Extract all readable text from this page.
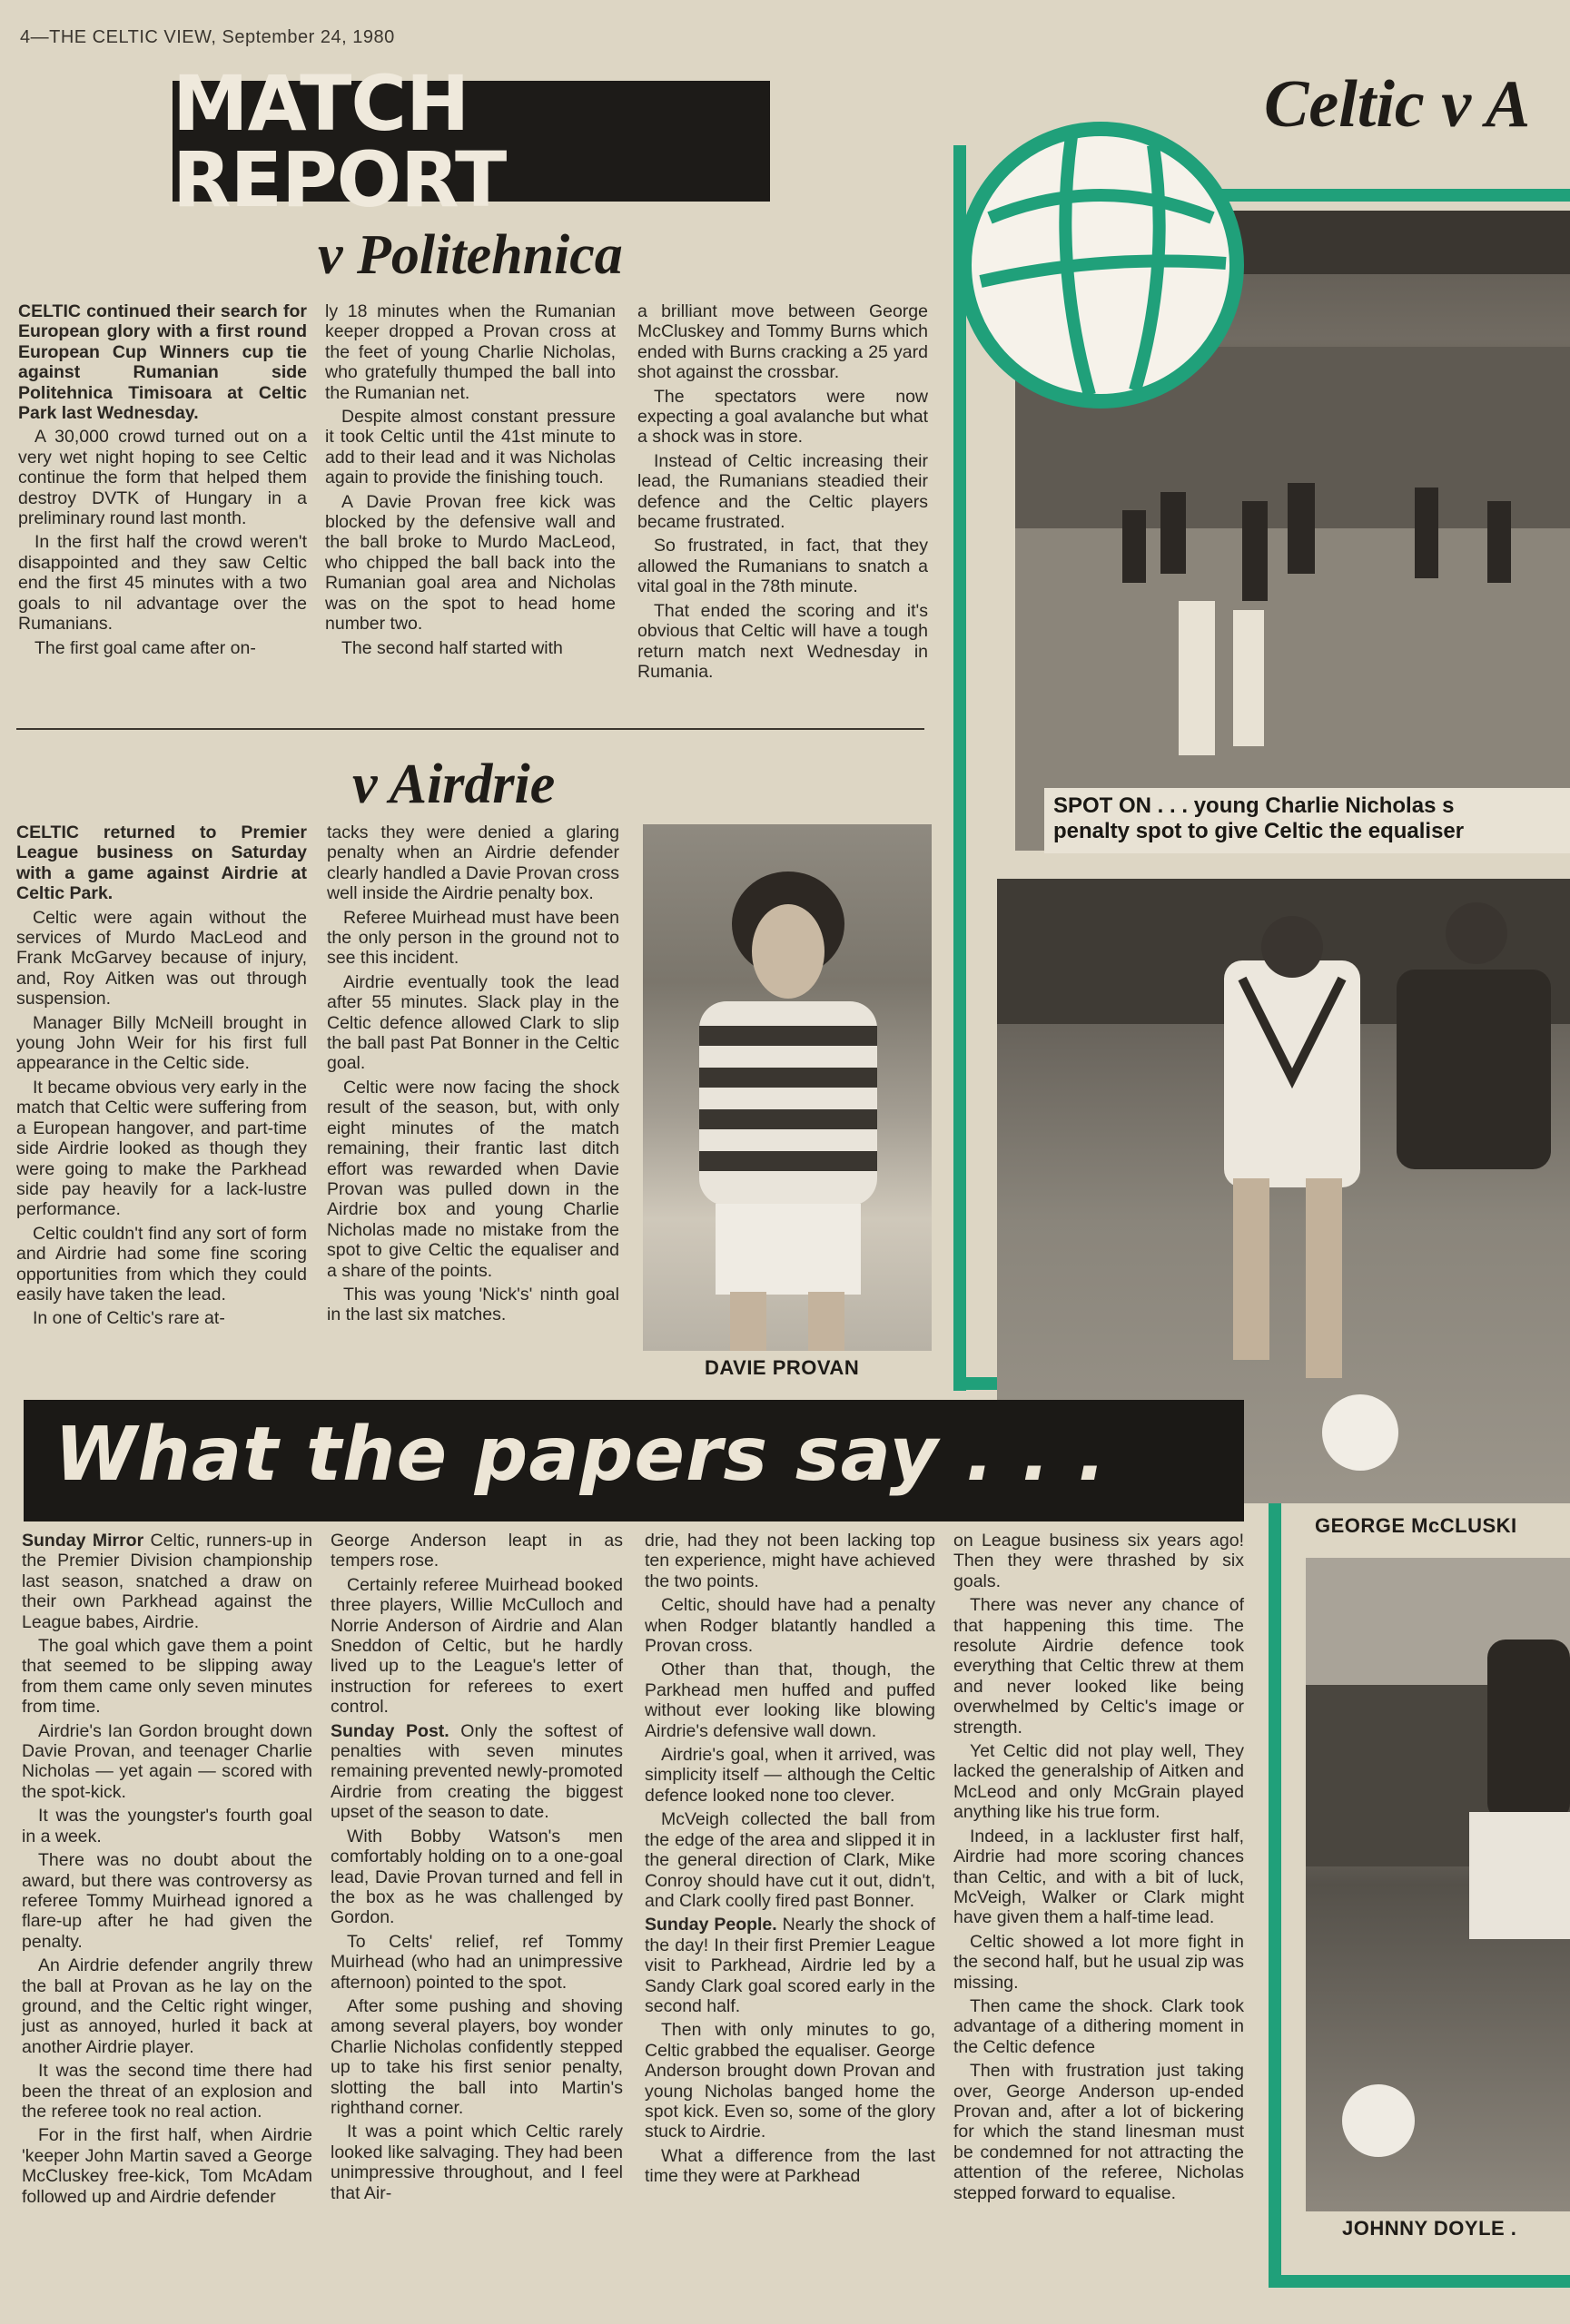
4—THE CELTIC VIEW, September 24, 1980
MATCH REPORT
v Politehnica

CELTIC continued their search for European glory with a first round European Cup Winners cup tie against Rumanian side Politehnica Timisoara at Celtic Park last Wednesday.

A 30,000 crowd turned out on a very wet night hoping to see Celtic continue the form that helped them destroy DVTK of Hungary in a preliminary round last month.

In the first half the crowd weren't disappointed and they saw Celtic end the first 45 minutes with a two goals to nil advantage over the Rumanians.

The first goal came after on-

ly 18 minutes when the Rumanian keeper dropped a Provan cross at the feet of young Charlie Nicholas, who gratefully thumped the ball into the Rumanian net.

Despite almost constant pressure it took Celtic until the 41st minute to add to their lead and it was Nicholas again to provide the finishing touch.

A Davie Provan free kick was blocked by the defensive wall and the ball broke to Murdo MacLeod, who chipped the ball back into the Rumanian goal area and Nicholas was on the spot to head home number two.

The second half started with

a brilliant move between George McCluskey and Tommy Burns which ended with Burns cracking a 25 yard shot against the crossbar.

The spectators were now expecting a goal avalanche but what a shock was in store.

Instead of Celtic increasing their lead, the Rumanians steadied their defence and the Celtic players became frustrated.

So frustrated, in fact, that they allowed the Rumanians to snatch a vital goal in the 78th minute.

That ended the scoring and it's obvious that Celtic will have a tough return match next Wednesday in Rumania.

v Airdrie

CELTIC returned to Premier League business on Saturday with a game against Airdrie at Celtic Park.

Celtic were again without the services of Murdo MacLeod and Frank McGarvey because of injury, and, Roy Aitken was out through suspension.

Manager Billy McNeill brought in young John Weir for his first full appearance in the Celtic side.

It became obvious very early in the match that Celtic were suffering from a European hangover, and part-time side Airdrie looked as though they were going to make the Parkhead side pay heavily for a lack-lustre performance.

Celtic couldn't find any sort of form and Airdrie had some fine scoring opportunities from which they could easily have taken the lead.

In one of Celtic's rare at-

tacks they were denied a glaring penalty when an Airdrie defender clearly handled a Davie Provan cross well inside the Airdrie penalty box.

Referee Muirhead must have been the only person in the ground not to see this incident.

Airdrie eventually took the lead after 55 minutes. Slack play in the Celtic defence allowed Clark to slip the ball past Pat Bonner in the Celtic goal.

Celtic were now facing the shock result of the season, but, with only eight minutes of the match remaining, their frantic last ditch effort was rewarded when Davie Provan was pulled down in the Airdrie box and young Charlie Nicholas made no mistake from the spot to give Celtic the equaliser and a share of the points.

This was young 'Nick's' ninth goal in the last six matches.

DAVIE PROVAN
Celtic v A
SPOT ON . . . young Charlie Nicholas s
penalty spot to give Celtic the equaliser
GEORGE McCLUSKI
JOHNNY DOYLE .
What the papers say . . .

Sunday Mirror Celtic, runners-up in the Premier Division championship last season, snatched a draw on their own Parkhead against the League babes, Airdrie.

The goal which gave them a point that seemed to be slipping away from them came only seven minutes from time.

Airdrie's Ian Gordon brought down Davie Provan, and teenager Charlie Nicholas — yet again — scored with the spot-kick.

It was the youngster's fourth goal in a week.

There was no doubt about the award, but there was controversy as referee Tommy Muirhead ignored a flare-up after he had given the penalty.

An Airdrie defender angrily threw the ball at Provan as he lay on the ground, and the Celtic right winger, just as annoyed, hurled it back at another Airdrie player.

It was the second time there had been the threat of an explosion and the referee took no real action.

For in the first half, when Airdrie 'keeper John Martin saved a George McCluskey free-kick, Tom McAdam followed up and Airdrie defender

George Anderson leapt in as tempers rose.

Certainly referee Muirhead booked three players, Willie McCulloch and Norrie Anderson of Airdrie and Alan Sneddon of Celtic, but he hardly lived up to the League's letter of instruction for referees to exert control.

Sunday Post. Only the softest of penalties with seven minutes remaining prevented newly-promoted Airdrie from creating the biggest upset of the season to date.

With Bobby Watson's men comfortably holding on to a one-goal lead, Davie Provan turned and fell in the box as he was challenged by Gordon.

To Celts' relief, ref Tommy Muirhead (who had an unimpressive afternoon) pointed to the spot.

After some pushing and shoving among several players, boy wonder Charlie Nicholas confidently stepped up to take his first senior penalty, slotting the ball into Martin's righthand corner.

It was a point which Celtic rarely looked like salvaging. They had been unimpressive throughout, and I feel that Air-

drie, had they not been lacking top ten experience, might have achieved the two points.

Celtic, should have had a penalty when Rodger blatantly handled a Provan cross.

Other than that, though, the Parkhead men huffed and puffed without ever looking like blowing Airdrie's defensive wall down.

Airdrie's goal, when it arrived, was simplicity itself — although the Celtic defence looked none too clever.

McVeigh collected the ball from the edge of the area and slipped it in the general direction of Clark, Mike Conroy should have cut it out, didn't, and Clark coolly fired past Bonner.

Sunday People. Nearly the shock of the day! In their first Premier League visit to Parkhead, Airdrie led by a Sandy Clark goal scored early in the second half.

Then with only minutes to go, Celtic grabbed the equaliser. George Anderson brought down Provan and young Nicholas banged home the spot kick. Even so, some of the glory stuck to Airdrie.

What a difference from the last time they were at Parkhead

on League business six years ago! Then they were thrashed by six goals.

There was never any chance of that happening this time. The resolute Airdrie defence took everything that Celtic threw at them and never looked like being overwhelmed by Celtic's image or strength.

Yet Celtic did not play well, They lacked the generalship of Aitken and McLeod and only McGrain played anything like his true form.

Indeed, in a lackluster first half, Airdrie had more scoring chances than Celtic, and with a bit of luck, McVeigh, Walker or Clark might have given them a half-time lead.

Celtic showed a lot more fight in the second half, but he usual zip was missing.

Then came the shock. Clark took advantage of a dithering moment in the Celtic defence

Then with frustration just taking over, George Anderson up-ended Provan and, after a lot of bickering for which the stand linesman must be condemned for not attracting the attention of the referee, Nicholas stepped forward to equalise.
